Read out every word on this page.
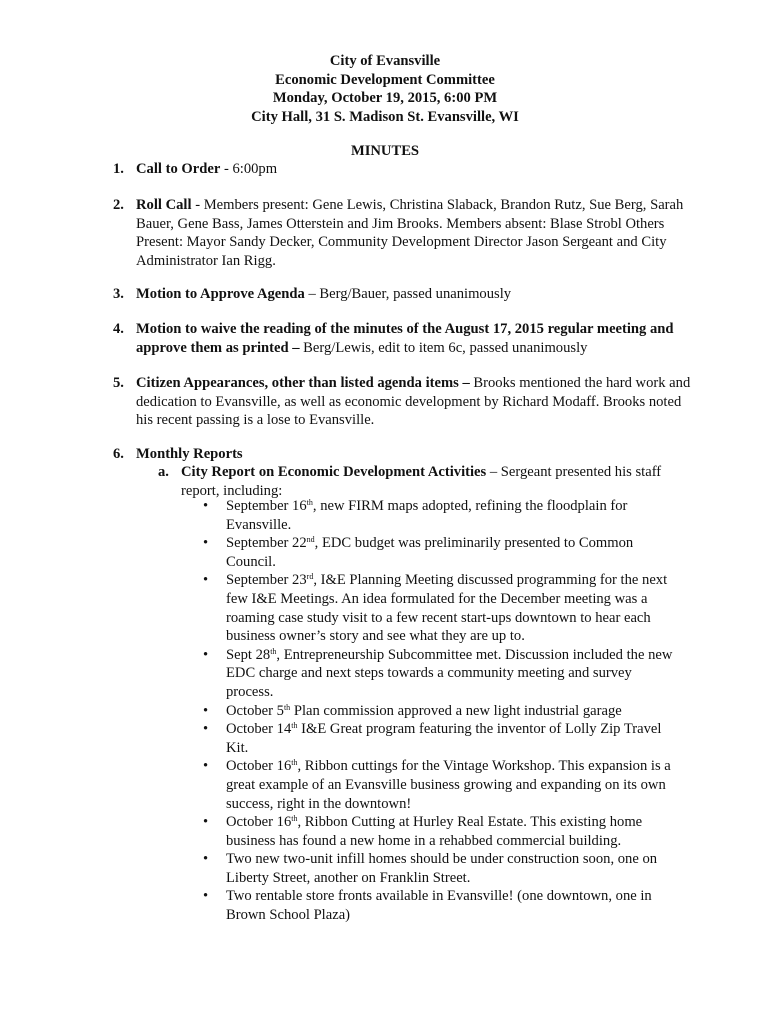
City of Evansville
Economic Development Committee
Monday, October 19, 2015, 6:00 PM
City Hall, 31 S. Madison St. Evansville, WI
MINUTES
1. Call to Order - 6:00pm
2. Roll Call - Members present: Gene Lewis, Christina Slaback, Brandon Rutz, Sue Berg, Sarah Bauer, Gene Bass, James Otterstein and Jim Brooks. Members absent: Blase Strobl Others Present: Mayor Sandy Decker, Community Development Director Jason Sergeant and City Administrator Ian Rigg.
3. Motion to Approve Agenda – Berg/Bauer, passed unanimously
4. Motion to waive the reading of the minutes of the August 17, 2015 regular meeting and approve them as printed – Berg/Lewis, edit to item 6c, passed unanimously
5. Citizen Appearances, other than listed agenda items – Brooks mentioned the hard work and dedication to Evansville, as well as economic development by Richard Modaff. Brooks noted his recent passing is a lose to Evansville.
6. Monthly Reports
a. City Report on Economic Development Activities – Sergeant presented his staff report, including:
• September 16th, new FIRM maps adopted, refining the floodplain for Evansville.
• September 22nd, EDC budget was preliminarily presented to Common Council.
• September 23rd, I&E Planning Meeting discussed programming for the next few I&E Meetings. An idea formulated for the December meeting was a roaming case study visit to a few recent start-ups downtown to hear each business owner’s story and see what they are up to.
• Sept 28th, Entrepreneurship Subcommittee met. Discussion included the new EDC charge and next steps towards a community meeting and survey process.
• October 5th Plan commission approved a new light industrial garage
• October 14th I&E Great program featuring the inventor of Lolly Zip Travel Kit.
• October 16th, Ribbon cuttings for the Vintage Workshop. This expansion is a great example of an Evansville business growing and expanding on its own success, right in the downtown!
• October 16th, Ribbon Cutting at Hurley Real Estate. This existing home business has found a new home in a rehabbed commercial building.
• Two new two-unit infill homes should be under construction soon, one on Liberty Street, another on Franklin Street.
• Two rentable store fronts available in Evansville! (one downtown, one in Brown School Plaza)
